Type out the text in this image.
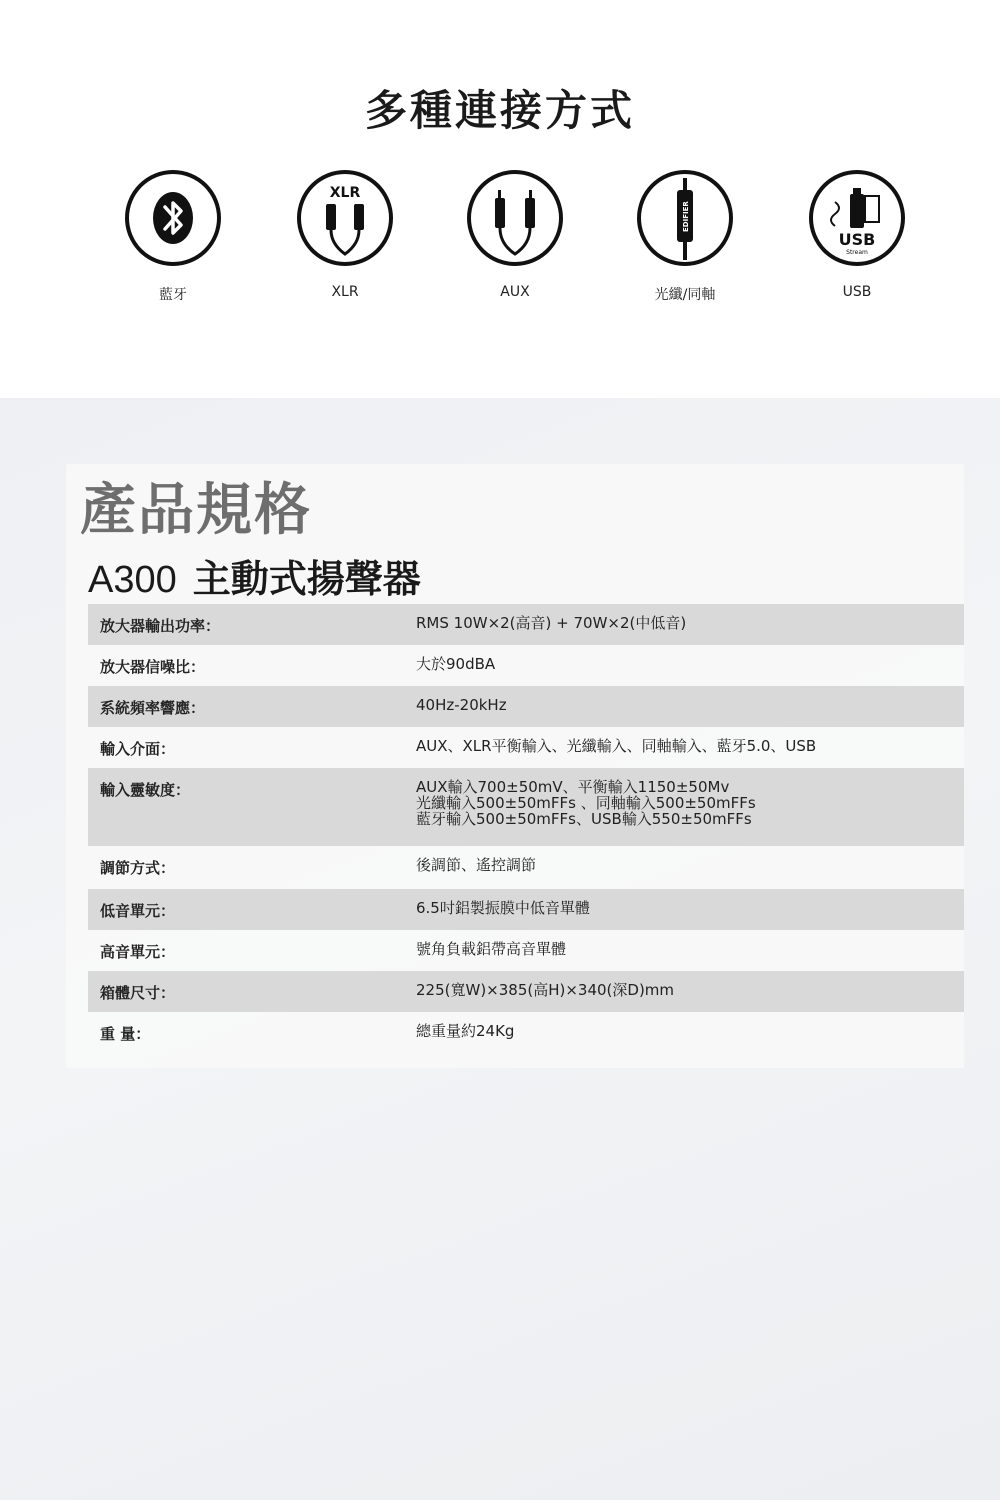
多種連接方式
藍牙
XLR
XLR	AUX
EDIFIER
光纖/同軸
USB
Stream
USB
產品規格
A300 主動式揚聲器
放大器輸出功率：	RMS 10W×2(高音) + 70W×2(中低音)
放大器信噪比：	大於90dBA
系統頻率響應：	40Hz-20kHz
輸入介面：	AUX、XLR平衡輸入、光纖輸入、同軸輸入、藍牙5.0、USB
輸入靈敏度：	AUX輸入700±50mV、平衡輸入1150±50Mv
光纖輸入500±50mFFs 、同軸輸入500±50mFFs
藍牙輸入500±50mFFs、USB輸入550±50mFFs
調節方式：	後調節、遙控調節
低音單元：	6.5吋鋁製振膜中低音單體
高音單元：	號角負載鋁帶高音單體
箱體尺寸：	225(寬W)×385(高H)×340(深D)mm
重 量：	總重量約24Kg
